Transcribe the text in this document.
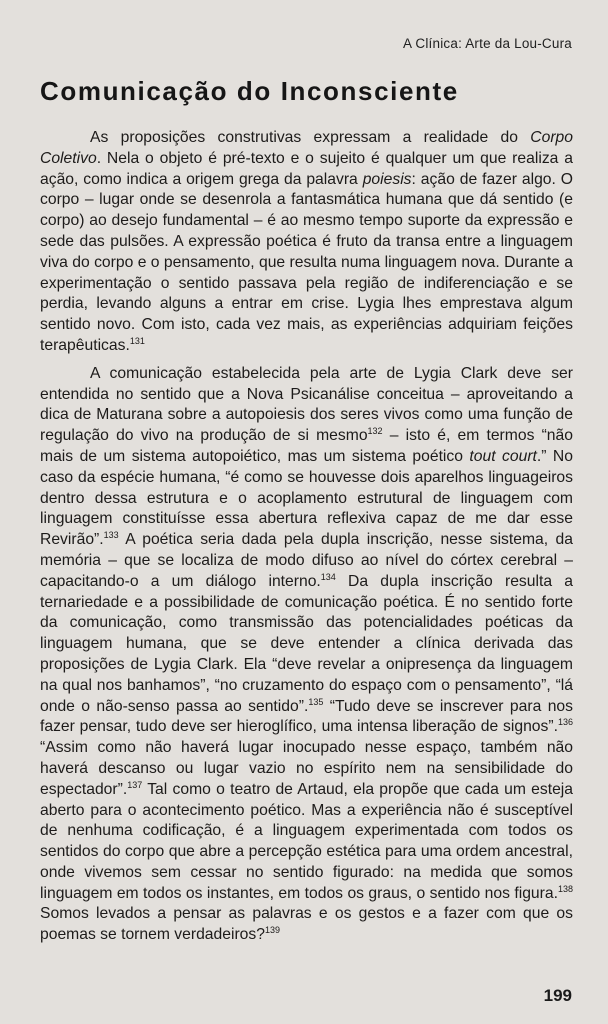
A Clínica: Arte da Lou-Cura
Comunicação do Inconsciente

As proposições construtivas expressam a realidade do Corpo Coletivo. Nela o objeto é pré-texto e o sujeito é qualquer um que realiza a ação, como indica a origem grega da palavra poiesis: ação de fazer algo. O corpo – lugar onde se desenrola a fantasmática humana que dá sentido (e corpo) ao desejo fundamental – é ao mesmo tempo suporte da expressão e sede das pulsões. A expressão poética é fruto da transa entre a linguagem viva do corpo e o pensamento, que resulta numa linguagem nova. Durante a experimentação o sentido passava pela região de indiferenciação e se perdia, levando alguns a entrar em crise. Lygia lhes emprestava algum sentido novo. Com isto, cada vez mais, as experiências adquiriam feições terapêuticas.$^{131}$

A comunicação estabelecida pela arte de Lygia Clark deve ser entendida no sentido que a Nova Psicanálise conceitua – aproveitando a dica de Maturana sobre a autopoiesis dos seres vivos como uma função de regulação do vivo na produção de si mesmo$^{132}$ – isto é, em termos “não mais de um sistema autopoiético, mas um sistema poético tout court.” No caso da espécie humana, “é como se houvesse dois aparelhos linguageiros dentro dessa estrutura e o acoplamento estrutural de linguagem com linguagem constituísse essa abertura reflexiva capaz de me dar esse Revirão”.$^{133}$ A poética seria dada pela dupla inscrição, nesse sistema, da memória – que se localiza de modo difuso ao nível do córtex cerebral – capacitando-o a um diálogo interno.$^{134}$ Da dupla inscrição resulta a ternariedade e a possibilidade de comunicação poética. É no sentido forte da comunicação, como transmissão das potencialidades poéticas da linguagem humana, que se deve entender a clínica derivada das proposições de Lygia Clark. Ela “deve revelar a onipresença da linguagem na qual nos banhamos”, “no cruzamento do espaço com o pensamento”, “lá onde o não-senso passa ao sentido”.$^{135}$ “Tudo deve se inscrever para nos fazer pensar, tudo deve ser hieroglífico, uma intensa liberação de signos”.$^{136}$ “Assim como não haverá lugar inocupado nesse espaço, também não haverá descanso ou lugar vazio no espírito nem na sensibilidade do espectador”.$^{137}$ Tal como o teatro de Artaud, ela propõe que cada um esteja aberto para o acontecimento poético. Mas a experiência não é susceptível de nenhuma codificação, é a linguagem experimentada com todos os sentidos do corpo que abre a percepção estética para uma ordem ancestral, onde vivemos sem cessar no sentido figurado: na medida que somos linguagem em todos os instantes, em todos os graus, o sentido nos figura.$^{138}$ Somos levados a pensar as palavras e os gestos e a fazer com que os poemas se tornem verdadeiros?$^{139}$

199
